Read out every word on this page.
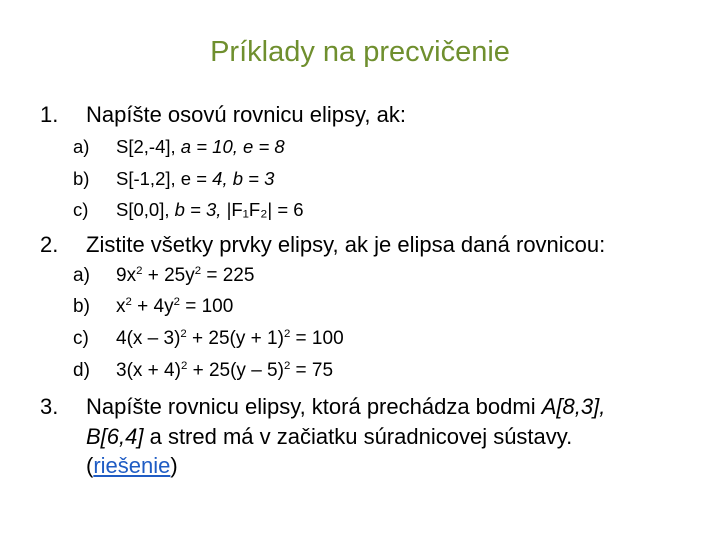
Príklady na precvičenie
1.	Napíšte osovú rovnicu elipsy, ak:
a)	S[2,-4], a = 10, e = 8
b)	S[-1,2], e = 4, b = 3
c)	S[0,0], b = 3, |F₁F₂| = 6
2.	Zistite všetky prvky elipsy, ak je elipsa daná rovnicou:
a)	$9x^2 + 25y^2 = 225$
b)	$x^2 + 4y^2 = 100$
c)	$4(x - 3)^2 + 25(y + 1)^2 = 100$
d)	$3(x + 4)^2 + 25(y - 5)^2 = 75$
3.	Napíšte rovnicu elipsy, ktorá prechádza bodmi A[8,3],
B[6,4] a stred má v začiatku súradnicovej sústavy.
(riešenie)
